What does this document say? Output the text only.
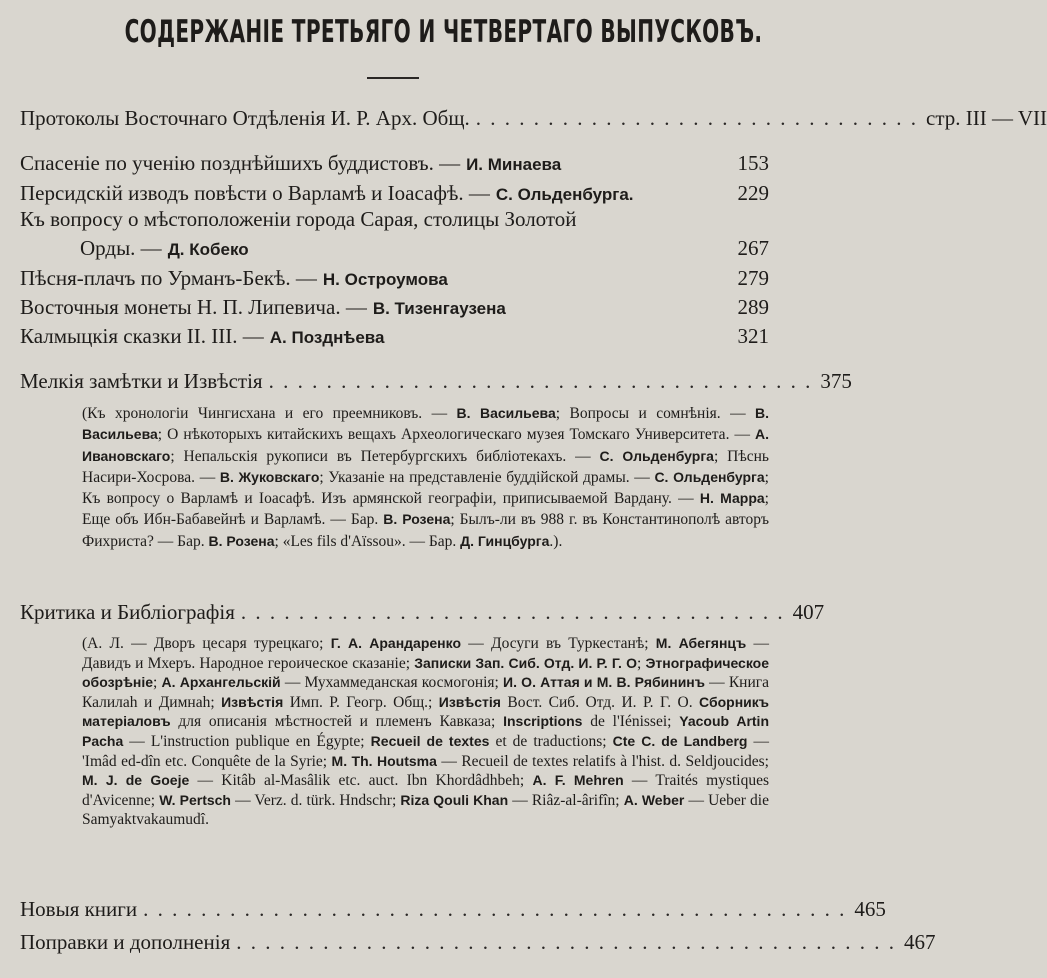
СОДЕРЖАНІЕ ТРЕТЬЯГО И ЧЕТВЕРТАГО ВЫПУСКОВЪ.
Протоколы Восточнаго Отдѣленія И. Р. Арх. Общ. . . . . . . . . . . . . . . . . . . . . . . . . . . . . . . . стр. III — VII
Спасеніе по ученію позднѣйшихъ буддистовъ. — И. Минаева	153
Персидскій изводъ повѣсти о Варламѣ и Іоасафѣ. — С. Ольденбурга.	229
Къ вопросу о мѣстоположеніи города Сарая, столицы Золотой
Орды. — Д. Кобеко	267
Пѣсня-плачъ по Урманъ-Бекѣ. — Н. Остроумова	279
Восточныя монеты Н. П. Липевича. — В. Тизенгаузена	289
Калмыцкія сказки II. III. — А. Позднѣева	321
Мелкія замѣтки и Извѣстія . . . . . . . . . . . . . . . . . . . . . . . . . . . . . . . . . . . . . . 375
(Къ хронологіи Чингисхана и его преемниковъ. — В. Васильева; Вопросы и сомнѣнія. — В. Васильева; О нѣкоторыхъ китайскихъ вещахъ Археологическаго музея Томскаго Университета. — А. Ивановскаго; Непальскія рукописи въ Петербургскихъ библіотекахъ. — С. Ольденбурга; Пѣснь Насири-Хосрова. — В. Жуковскаго; Указаніе на представленіе буддійской драмы. — С. Ольденбурга; Къ вопросу о Варламѣ и Іоасафѣ. Изъ армянской географіи, приписываемой Вардану. — Н. Марра; Еще объ Ибн-Бабавейнѣ и Варламѣ. — Бар. В. Розена; Былъ-ли въ 988 г. въ Константинополѣ авторъ Фихриста? — Бар. В. Розена; «Les fils d'Aïssou». — Бар. Д. Гинцбурга.).
Критика и Библіографія . . . . . . . . . . . . . . . . . . . . . . . . . . . . . . . . . . . . . . 407
(А. Л. — Дворъ цесаря турецкаго; Г. А. Арандаренко — Досуги въ Туркестанѣ; М. Абегянцъ — Давидъ и Мхеръ. Народное героическое сказаніе; Записки Зап. Сиб. Отд. И. Р. Г. О; Этнографическое обозрѣніе; А. Архангельскій — Мухаммеданская космогонія; И. О. Аттая и М. В. Рябининъ — Книга Калилаh и Димнаh; Извѣстія Имп. Р. Геогр. Общ.; Извѣстія Вост. Сиб. Отд. И. Р. Г. О. Сборникъ матеріаловъ для описанія мѣстностей и племенъ Кавказа; Inscriptions de l'Iénissei; Yacoub Artin Pacha — L'instruction publique en Égypte; Recueil de textes et de traductions; Cte C. de Landberg — 'Imâd ed-dîn etc. Conquête de la Syrie; M. Th. Houtsma — Recueil de textes relatifs à l'hist. d. Seldjoucides; M. J. de Goeje — Kitâb al-Masâlik etc. auct. Ibn Khordâdhbeh; A. F. Mehren — Traités mystiques d'Avicenne; W. Pertsch — Verz. d. türk. Hndschr; Riza Qouli Khan — Riâz-al-ârifîn; A. Weber — Ueber die Samyaktvakaumudî.
Новыя книги . . . . . . . . . . . . . . . . . . . . . . . . . . . . . . . . . . . . . . . . . . . . . . . . . 465
Поправки и дополненія . . . . . . . . . . . . . . . . . . . . . . . . . . . . . . . . . . . . . . . . . . . . . . 467
